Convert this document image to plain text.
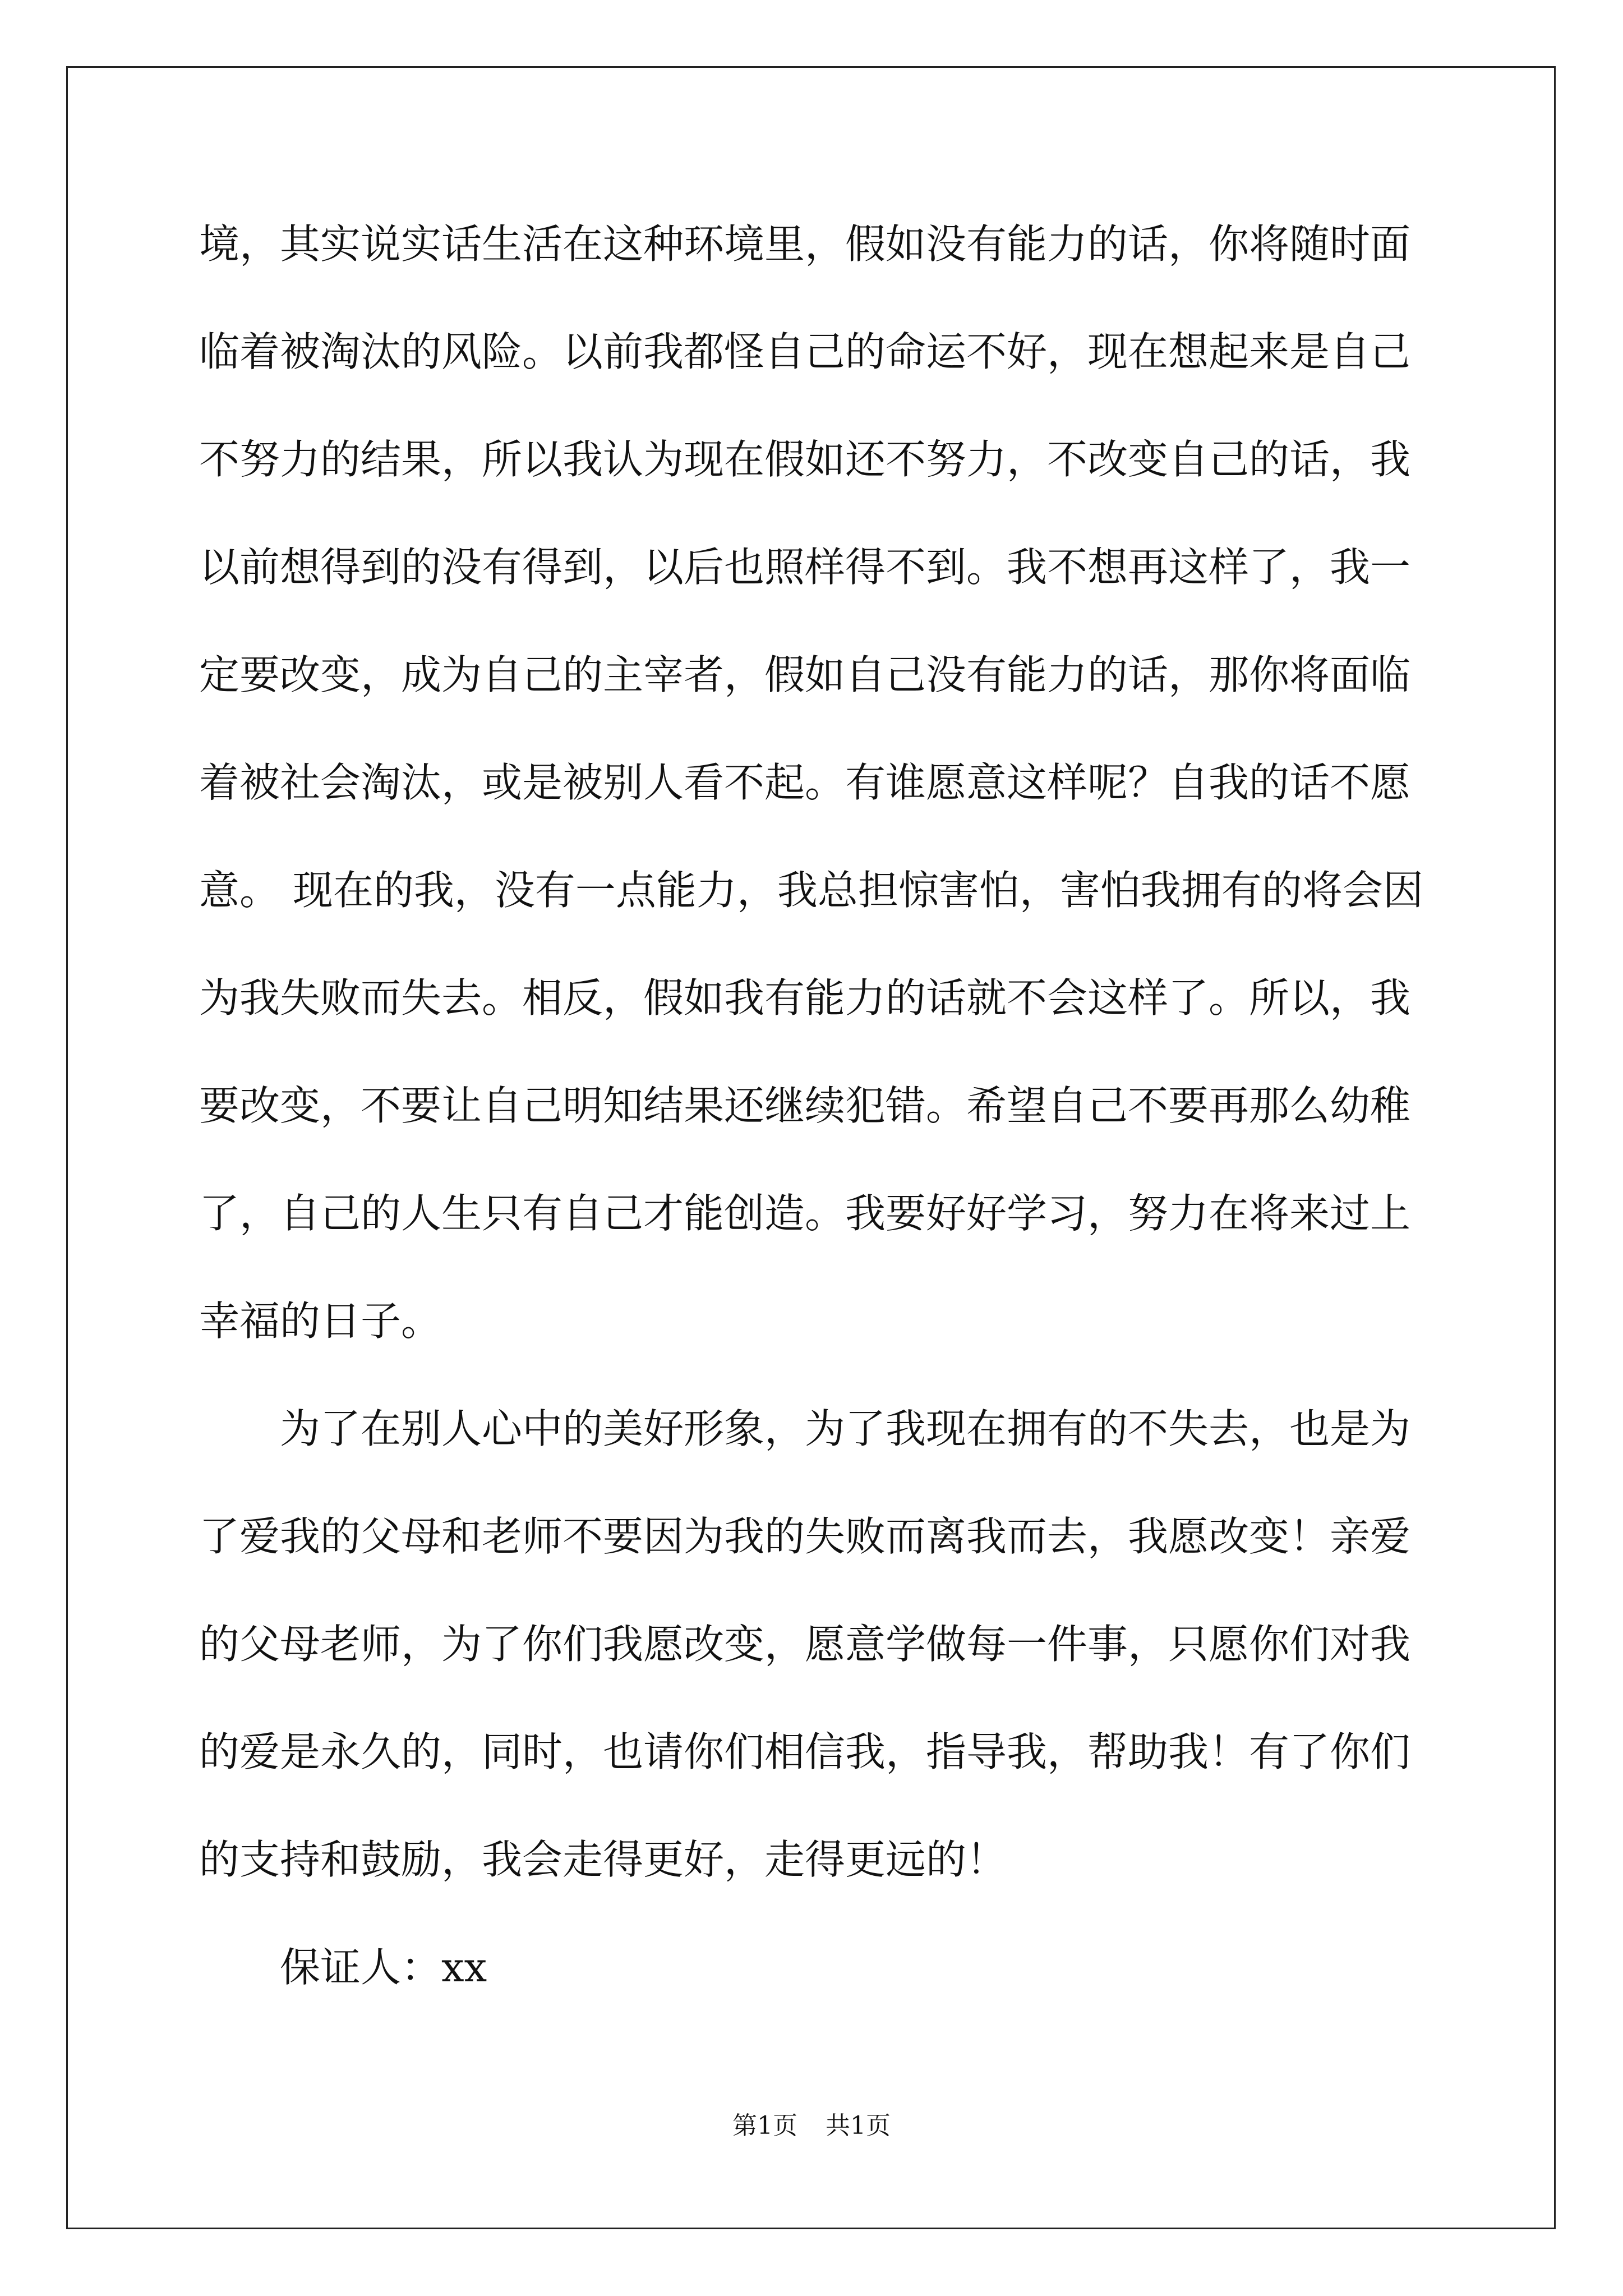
境，其实说实话生活在这种环境里，假如没有能力的话，你将随时面
临着被淘汰的风险。以前我都怪自己的命运不好，现在想起来是自己
不努力的结果，所以我认为现在假如还不努力，不改变自己的话，我
以前想得到的没有得到，以后也照样得不到。我不想再这样了，我一
定要改变，成为自己的主宰者，假如自己没有能力的话，那你将面临
着被社会淘汰，或是被别人看不起。有谁愿意这样呢？自我的话不愿
意。 现在的我，没有一点能力，我总担惊害怕，害怕我拥有的将会因
为我失败而失去。相反，假如我有能力的话就不会这样了。所以，我
要改变，不要让自己明知结果还继续犯错。希望自己不要再那么幼稚
了，自己的人生只有自己才能创造。我要好好学习，努力在将来过上
幸福的日子。
　　为了在别人心中的美好形象，为了我现在拥有的不失去，也是为
了爱我的父母和老师不要因为我的失败而离我而去，我愿改变！亲爱
的父母老师，为了你们我愿改变，愿意学做每一件事，只愿你们对我
的爱是永久的，同时，也请你们相信我，指导我，帮助我！有了你们
的支持和鼓励，我会走得更好，走得更远的！
　　保证人：xx
第1页 共1页
